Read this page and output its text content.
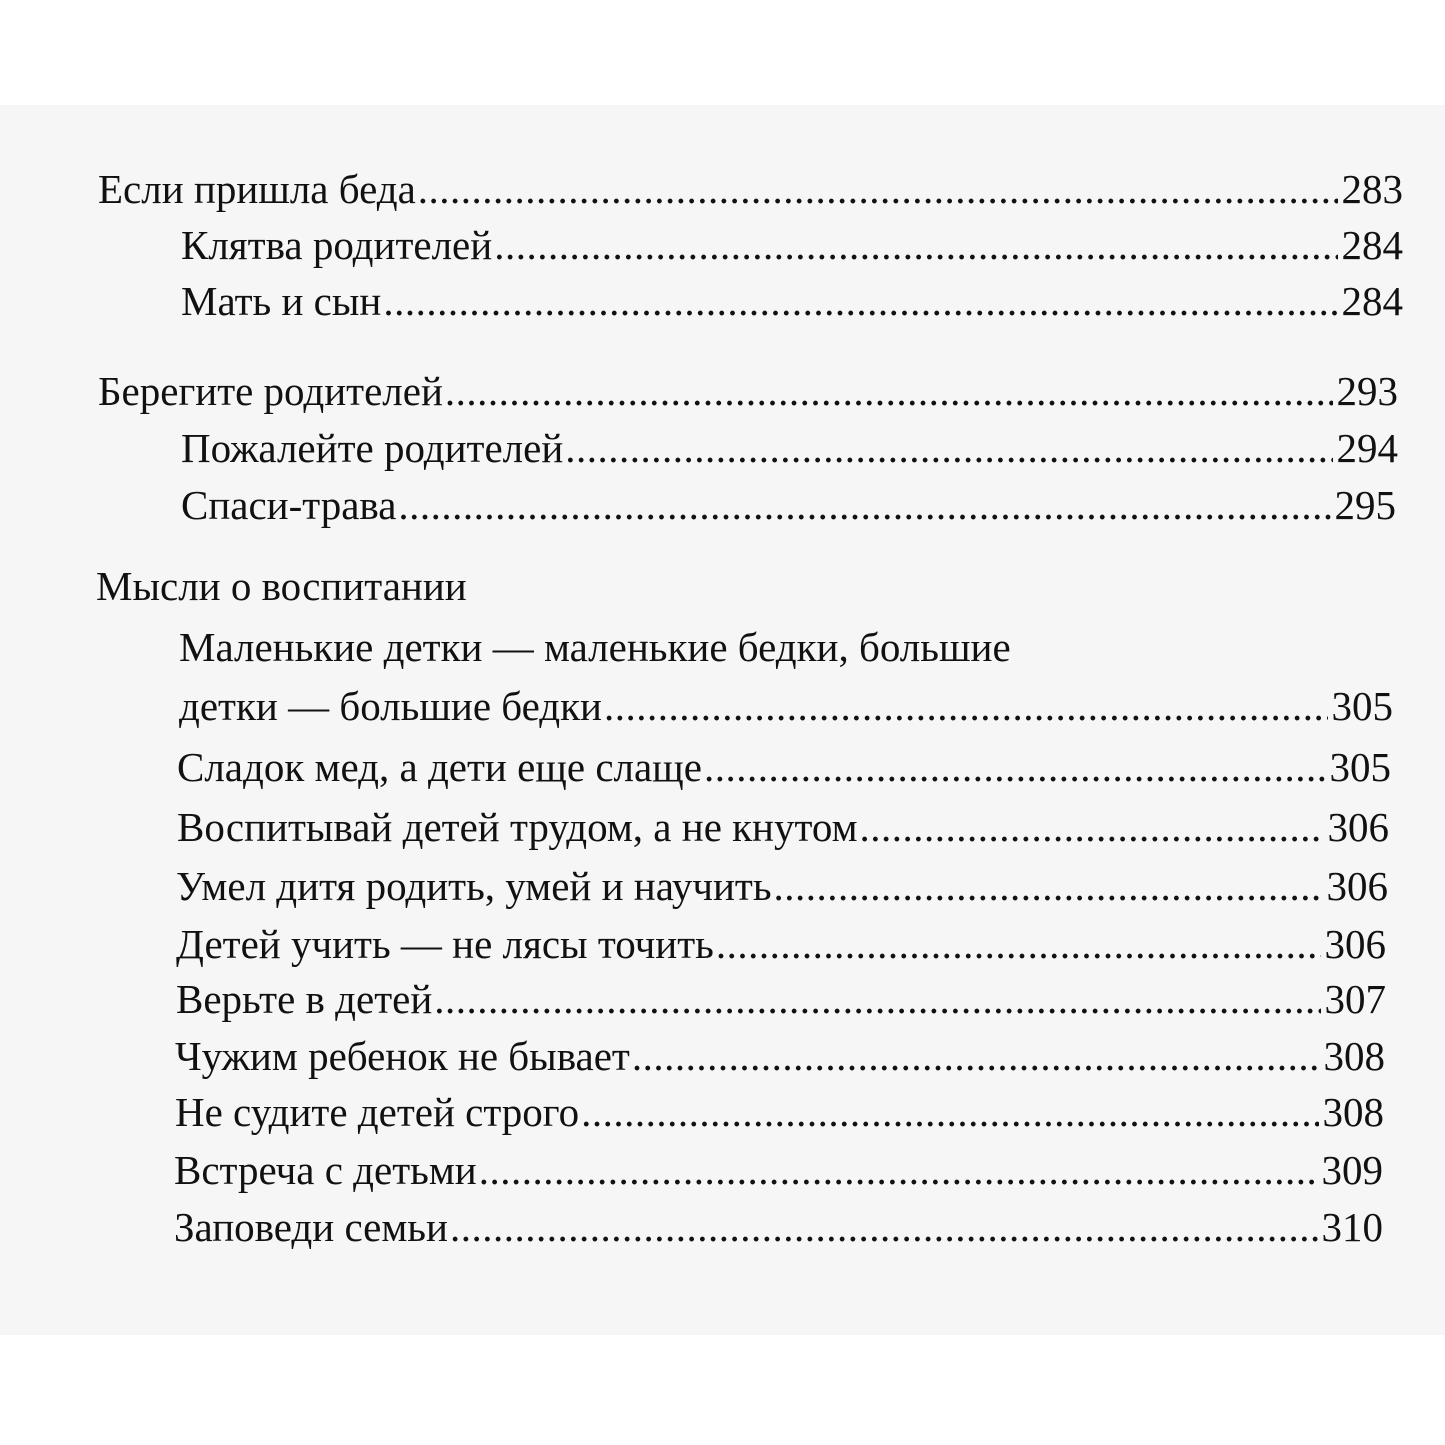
Если пришла беда .....	283
Клятва родителей .....	284
Мать и сын .....	284
Берегите родителей .....	293
Пожалейте родителей .....	294
Спаси-трава .....	295
Мысли о воспитании
Маленькие детки — маленькие бедки, большие
детки — большие бедки .....	305
Сладок мед, а дети еще слаще .....	305
Воспитывай детей трудом, а не кнутом .....	306
Умел дитя родить, умей и научить .....	306
Детей учить — не лясы точить .....	306
Верьте в детей .....	307
Чужим ребенок не бывает .....	308
Не судите детей строго .....	308
Встреча с детьми .....	309
Заповеди семьи .....	310
